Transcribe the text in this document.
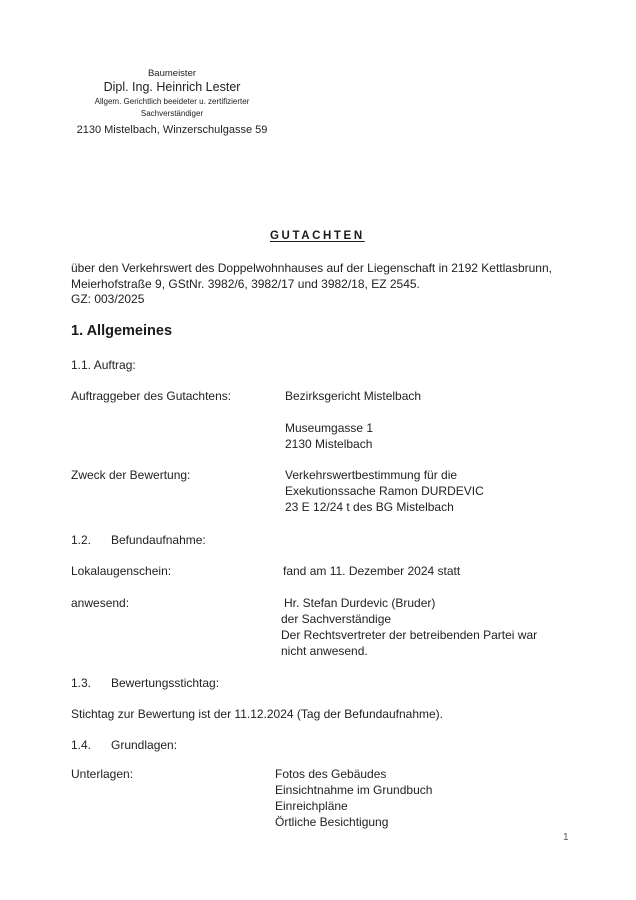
Baumeister
Dipl. Ing. Heinrich Lester
Allgem. Gerichtlich beeideter u. zertifizierter
Sachverständiger
2130 Mistelbach, Winzerschulgasse 59
GUTACHTEN
über den Verkehrswert des Doppelwohnhauses auf der Liegenschaft in 2192 Kettlasbrunn,
Meierhofstraße 9, GStNr. 3982/6, 3982/17 und 3982/18, EZ 2545.
GZ: 003/2025
1. Allgemeines
1.1. Auftrag:
Auftraggeber des Gutachtens:	Bezirksgericht Mistelbach
Museumgasse 1
2130 Mistelbach
Zweck der Bewertung:	Verkehrswertbestimmung für die
Exekutionssache Ramon DURDEVIC
23 E 12/24 t des BG Mistelbach
1.2. Befundaufnahme:
Lokalaugenschein:	fand am 11. Dezember 2024 statt
anwesend:	Hr. Stefan Durdevic (Bruder)
der Sachverständige
Der Rechtsvertreter der betreibenden Partei war
nicht anwesend.
1.3. Bewertungsstichtag:
Stichtag zur Bewertung ist der 11.12.2024 (Tag der Befundaufnahme).
1.4. Grundlagen:
Unterlagen:	Fotos des Gebäudes
Einsichtnahme im Grundbuch
Einreichpläne
Örtliche Besichtigung
1
